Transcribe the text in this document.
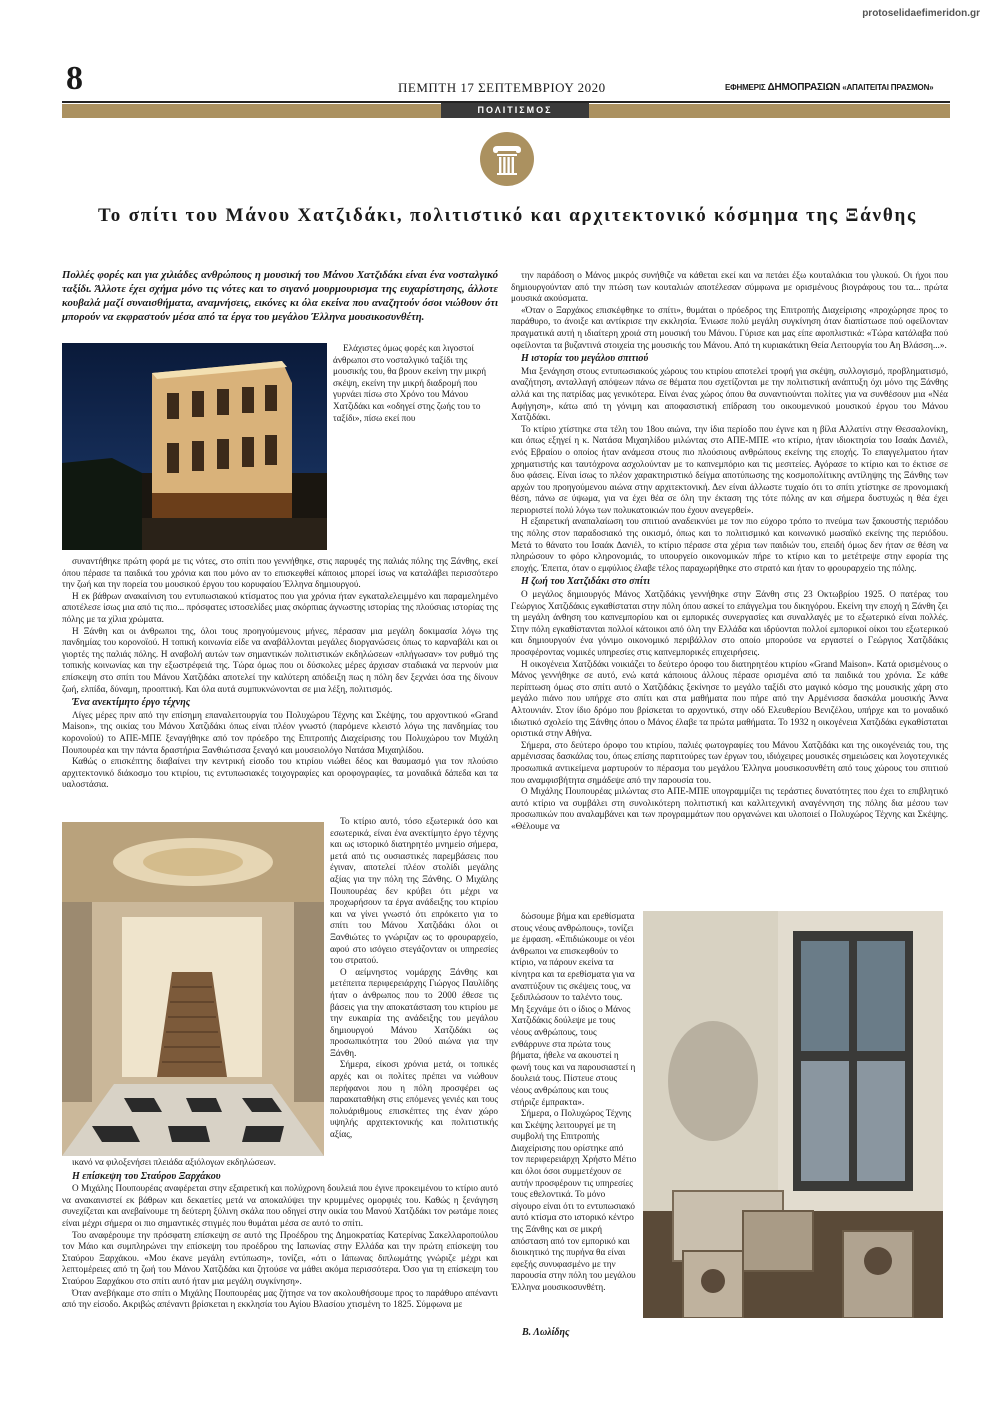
protoselidaefimeridon.gr
8	ΠΕΜΠΤΗ 17 ΣΕΠΤΕΜΒΡΙΟΥ 2020	ΕΦΗΜΕΡΙΣ ΔΗΜΟΠΡΑΣΙΩΝ «ΑΠΑΙΤΕΙΤΑΙ ΠΡΑΣΜΟΝ»
ΠΟΛΙΤΙΣΜΟΣ
Το σπίτι του Μάνου Χατζιδάκι, πολιτιστικό και αρχιτεκτονικό κόσμημα της Ξάνθης

Πολλές φορές και για χιλιάδες ανθρώπους η μουσική του Μάνου Χατζιδάκι είναι ένα νοσταλγικό ταξίδι. Άλλοτε έχει σχήμα μόνο τις νότες και το σιγανό μουρμουρισμα της ευχαρίστησης, άλλοτε κουβαλά μαζί συναισθήματα, αναμνήσεις, εικόνες κι όλα εκείνα που αναζητούν όσοι νιώθουν ότι μπορούν να εκφραστούν μέσα από τα έργα του μεγάλου Έλληνα μουσικοσυνθέτη.

Ελάχιστες όμως φορές και λιγοστοί άνθρωποι στο νοσταλγικό ταξίδι της μουσικής του, θα βρουν εκείνη την μικρή σκέψη, εκείνη την μικρή διαδρομή που γυρνάει πίσω στο Χρόνο του Μάνου Χατζιδάκι και «οδηγεί στης ζωής του το ταξίδι», πίσω εκεί που

συναντήθηκε πρώτη φορά με τις νότες, στο σπίτι που γεννήθηκε, στις παρυφές της παλιάς πόλης της Ξάνθης, εκεί όπου πέρασε τα παιδικά του χρόνια και που μόνο αν το επισκεφθεί κάποιος μπορεί ίσως να καταλάβει περισσότερο την ζωή και την πορεία του μουσικού έργου του κορυφαίου Έλληνα δημιουργού.

Η εκ βάθρων ανακαίνιση του εντυπωσιακού κτίσματος που για χρόνια ήταν εγκαταλελειμμένο και παραμελημένο αποτέλεσε ίσως μια από τις πιο... πρόσφατες ιστοσελίδες μιας σκόρπιας άγνωστης ιστορίας της πλούσιας ιστορίας της πόλης με τα χίλια χρώματα.

Η Ξάνθη και οι άνθρωποι της, όλοι τους προηγούμενους μήνες, πέρασαν μια μεγάλη δοκιμασία λόγω της πανδημίας του κορονοϊού. Η τοπική κοινωνία είδε να αναβάλλονται μεγάλες διοργανώσεις όπως το καρναβάλι και οι γιορτές της παλιάς πόλης. Η αναβολή αυτών των σημαντικών πολιτιστικών εκδηλώσεων «πλήγωσαν» τον ρυθμό της τοπικής κοινωνίας και την εξωστρέφειά της. Τώρα όμως που οι δύσκολες μέρες άρχισαν σταδιακά να περνούν μια επίσκεψη στο σπίτι του Μάνου Χατζιδάκι αποτελεί την καλύτερη απόδειξη πως η πόλη δεν ξεχνάει όσα της δίνουν ζωή, ελπίδα, δύναμη, προοπτική. Και όλα αυτά συμπυκνώνονται σε μια λέξη, πολιτισμός.

Ένα ανεκτίμητο έργο τέχνης

Λίγες μέρες πριν από την επίσημη επαναλειτουργία του Πολυχώρου Τέχνης και Σκέψης, του αρχοντικού «Grand Maison», της οικίας του Μάνου Χατζιδάκι όπως είναι πλέον γνωστό (παρόμενε κλειστό λόγω της πανδημίας του κορονοϊού) το ΑΠΕ-ΜΠΕ ξεναγήθηκε από τον πρόεδρο της Επιτροπής Διαχείρισης του Πολυχώρου τον Μιχάλη Πουπουρέα και την πάντα δραστήρια Ξανθιώτισσα ξεναγό και μουσειολόγο Νατάσα Μιχαηλίδου.

Καθώς ο επισκέπτης διαβαίνει την κεντρική είσοδο του κτιρίου νιώθει δέος και θαυμασμό για τον πλούσιο αρχιτεκτονικό διάκοσμο του κτιρίου, τις εντυπωσιακές τοιχογραφίες και οροφογραφίες, τα μοναδικά δάπεδα και τα υαλοστάσια.

Το κτίριο αυτό, τόσο εξωτερικά όσο και εσωτερικά, είναι ένα ανεκτίμητο έργο τέχνης και ως ιστορικό διατηρητέο μνημείο σήμερα, μετά από τις ουσιαστικές παρεμβάσεις που έγιναν, αποτελεί πλέον στολίδι μεγάλης αξίας για την πόλη της Ξάνθης. Ο Μιχάλης Πουπουρέας δεν κρύβει ότι μέχρι να προχωρήσουν τα έργα ανάδειξης του κτιρίου και να γίνει γνωστό ότι επρόκειτο για το σπίτι του Μάνου Χατζιδάκι όλοι οι Ξανθιώτες το γνώριζαν ως το φρουραρχείο, αφού στο ισόγειο στεγάζονταν οι υπηρεσίες του στρατού.

Ο αείμνηστος νομάρχης Ξάνθης και μετέπειτα περιφερειάρχης Γιώργος Παυλίδης ήταν ο άνθρωπος που το 2000 έθεσε τις βάσεις για την αποκατάσταση του κτιρίου με την ευκαιρία της ανάδειξης του μεγάλου δημιουργού Μάνου Χατζιδάκι ως προσωπικότητα του 20ού αιώνα για την Ξάνθη.

Σήμερα, είκοσι χρόνια μετά, οι τοπικές αρχές και οι πολίτες πρέπει να νιώθουν περήφανοι που η πόλη προσφέρει ως παρακαταθήκη στις επόμενες γενιές και τους πολυάριθμους επισκέπτες της έναν χώρο υψηλής αρχιτεκτονικής και πολιτιστικής αξίας,

ικανό να φιλοξενήσει πλειάδα αξιόλογων εκδηλώσεων.

Η επίσκεψη του Σταύρου Ξαρχάκου

Ο Μιχάλης Πουπουρέας αναφέρεται στην εξαιρετική και πολύχρονη δουλειά που έγινε προκειμένου το κτίριο αυτό να ανακαινιστεί εκ βάθρων και δεκαετίες μετά να αποκαλύψει την κρυμμένες ομορφιές του. Καθώς η ξενάγηση συνεχίζεται και ανεβαίνουμε τη δεύτερη ξύλινη σκάλα που οδηγεί στην οικία του Μανού Χατζιδάκι τον ρωτάμε ποιες είναι μέχρι σήμερα οι πιο σημαντικές στιγμές που θυμάται μέσα σε αυτό το σπίτι.

Του αναφέρουμε την πρόσφατη επίσκεψη σε αυτό της Προέδρου της Δημοκρατίας Κατερίνας Σακελλαροπούλου τον Μάιο και συμπληρώνει την επίσκεψη του προέδρου της Ιαπωνίας στην Ελλάδα και την πρώτη επίσκεψη του Σταύρου Ξαρχάκου. «Μου έκανε μεγάλη εντύπωση», τονίζει, «ότι ο Ιάπωνας διπλωμάτης γνώριζε μέχρι και λεπτομέρειες από τη ζωή του Μάνου Χατζιδάκι και ζητούσε να μάθει ακόμα περισσότερα. Όσο για τη επίσκεψη του Σταύρου Ξαρχάκου στο σπίτι αυτό ήταν μια μεγάλη συγκίνηση».

Όταν ανεβήκαμε στο σπίτι ο Μιχάλης Πουπουρέας μας ζήτησε να τον ακολουθήσουμε προς το παράθυρο απέναντι από την είσοδο. Ακριβώς απέναντι βρίσκεται η εκκλησία του Αγίου Βλασίου χτισμένη το 1825. Σύμφωνα με

την παράδοση ο Μάνος μικρός συνήθιζε να κάθεται εκεί και να πετάει έξω κουταλάκια του γλυκού. Οι ήχοι που δημιουργούνταν από την πτώση των κουταλιών αποτέλεσαν σύμφωνα με ορισμένους βιογράφους του τα... πρώτα μουσικά ακούσματα.

«Όταν ο Ξαρχάκος επισκέφθηκε το σπίτι», θυμάται ο πρόεδρος της Επιτροπής Διαχείρισης «προχώρησε προς το παράθυρο, το άνοιξε και αντίκρισε την εκκλησία. Ένιωσε πολύ μεγάλη συγκίνηση όταν διαπίστωσε πού οφείλονταν πραγματικά αυτή η ιδιαίτερη χροιά στη μουσική του Μάνου. Γύρισε και μας είπε αφοπλιστικά: «Τώρα κατάλαβα πού οφείλονται τα βυζαντινά στοιχεία της μουσικής του Μάνου. Από τη κυριακάτικη Θεία Λειτουργία του Αη Βλάσση...».

Η ιστορία του μεγάλου σπιτιού

Μια ξενάγηση στους εντυπωσιακούς χώρους του κτιρίου αποτελεί τροφή για σκέψη, συλλογισμό, προβληματισμό, αναζήτηση, ανταλλαγή απόψεων πάνω σε θέματα που σχετίζονται με την πολιτιστική ανάπτυξη όχι μόνο της Ξάνθης αλλά και της πατρίδας μας γενικότερα. Είναι ένας χώρος όπου θα συναντιούνται πολίτες για να συνθέσουν μια «Νέα Αφήγηση», κάτω από τη γόνιμη και αποφασιστική επίδραση του οικουμενικού μουσικού έργου του Μάνου Χατζιδάκι.

Το κτίριο χτίστηκε στα τέλη του 18ου αιώνα, την ίδια περίοδο που έγινε και η βίλα Αλλατίνι στην Θεσσαλονίκη, και όπως εξηγεί η κ. Νατάσα Μιχαηλίδου μιλώντας στο ΑΠΕ-ΜΠΕ «το κτίριο, ήταν ιδιοκτησία του Ισαάκ Δανιέλ, ενός Εβραίου ο οποίος ήταν ανάμεσα στους πιο πλούσιους ανθρώπους εκείνης της εποχής. Το επαγγελματου ήταν χρηματιστής και ταυτόχρονα ασχολούνταν με το καπνεμπόριο και τις μεσιτείες. Αγόρασε το κτίριο και το έκτισε σε δυο φάσεις. Είναι ίσως το πλέον χαρακτηριστικό δείγμα αποτύπωσης της κοσμοπολίτικης αντίληψης της Ξάνθης των αρχών του προηγούμενου αιώνα στην αρχιτεκτονική. Δεν είναι άλλωστε τυχαίο ότι το σπίτι χτίστηκε σε προνομιακή θέση, πάνω σε ύψωμα, για να έχει θέα σε όλη την έκταση της τότε πόλης αν και σήμερα δυστυχώς η θέα έχει περιοριστεί πολύ λόγω των πολυκατοικιών που έχουν ανεγερθεί».

Η εξαιρετική αναπαλαίωση του σπιτιού αναδεικνύει με τον πιο εύχορο τρόπο το πνεύμα των ξακουστής περιόδου της πόλης στον παραδοσιακό της οικισμό, όπως και το πολιτισμικό και κοινωνικό μωσαϊκό εκείνης της περιόδου. Μετά το θάνατο του Ισαάκ Δανιέλ, το κτίριο πέρασε στα χέρια των παιδιών του, επειδή όμως δεν ήταν σε θέση να πληρώσουν το φόρο κληρονομιάς, το υπουργείο οικονομικών πήρε το κτίριο και το μετέτρεψε στην εφορία της εποχής. Έπειτα, όταν ο εμφύλιος έλαβε τέλος παραχωρήθηκε στο στρατό και ήταν το φρουραρχείο της πόλης.

Η ζωή του Χατζιδάκι στο σπίτι

Ο μεγάλος δημιουργός Μάνος Χατζιδάκις γεννήθηκε στην Ξάνθη στις 23 Οκτωβρίου 1925. Ο πατέρας του Γεώργιος Χατζιδάκις εγκαθίσταται στην πόλη όπου ασκεί το επάγγελμα του δικηγόρου. Εκείνη την εποχή η Ξάνθη ζει τη μεγάλη άνθηση του καπνεμπορίου και οι εμπορικές συνεργασίες και συναλλαγές με το εξωτερικό είναι πολλές. Στην πόλη εγκαθίστανται πολλοί κάτοικοι από όλη την Ελλάδα και ιδρύονται πολλοί εμπορικοί οίκοι του εξωτερικού και δημιουργούν ένα γόνιμο οικονομικό περιβάλλον στο οποίο μπορούσε να εργαστεί ο Γεώργιος Χατζιδάκις προσφέροντας νομικές υπηρεσίες στις καπνεμπορικές επιχειρήσεις.

Η οικογένεια Χατζιδάκι νοικιάζει το δεύτερο όροφο του διατηρητέου κτιρίου «Grand Maison». Κατά ορισμένους ο Μάνος γεννήθηκε σε αυτό, ενώ κατά κάποιους άλλους πέρασε ορισμένα από τα παιδικά του χρόνια. Σε κάθε περίπτωση όμως στο σπίτι αυτό ο Χατζιδάκις ξεκίνησε το μεγάλο ταξίδι στο μαγικό κόσμο της μουσικής χάρη στο μεγάλο πιάνο που υπήρχε στο σπίτι και στα μαθήματα που πήρε από την Αρμένισσα δασκάλα μουσικής Άννα Αλτουνιάν. Στον ίδιο δρόμο που βρίσκεται το αρχοντικό, στην οδό Ελευθερίου Βενιζέλου, υπήρχε και το μοναδικό ιδιωτικό σχολείο της Ξάνθης όπου ο Μάνος έλαβε τα πρώτα μαθήματα. Το 1932 η οικογένεια Χατζιδάκι εγκαθίσταται οριστικά στην Αθήνα.

Σήμερα, στο δεύτερο όροφο του κτιρίου, παλιές φωτογραφίες του Μάνου Χατζιδάκι και της οικογένειάς του, της αρμένισσας δασκάλας του, όπως επίσης παρτιτούρες των έργων του, ιδιόχειρες μουσικές σημειώσεις και λογοτεχνικές προσωπικά αντικείμενα μαρτυρούν το πέρασμα του μεγάλου Έλληνα μουσικοσυνθέτη από τους χώρους του σπιτιού που αναμφισβήτητα σημάδεψε από την παρουσία του.

Ο Μιχάλης Πουπουρέας μιλώντας στο ΑΠΕ-ΜΠΕ υπογραμμίζει τις τεράστιες δυνατότητες που έχει το επιβλητικό αυτό κτίριο να συμβάλει στη συνολικότερη πολιτιστική και καλλιτεχνική αναγέννηση της πόλης δια μέσου των προσωπικών που αναλαμβάνει και των προγραμμάτων που οργανώνει και υλοποιεί ο Πολυχώρος Τέχνης και Σκέψης. «Θέλουμε να

δώσουμε βήμα και ερεθίσματα στους νέους ανθρώπους», τονίζει με έμφαση. «Επιδιώκουμε οι νέοι άνθρωποι να επισκεφθούν το κτίριο, να πάρουν εκείνα τα κίνητρα και τα ερεθίσματα για να αναπτύξουν τις σκέψεις τους, να ξεδιπλώσουν το ταλέντο τους. Μη ξεχνάμε ότι ο ίδιος ο Μάνος Χατζιδάκις δούλεψε με τους νέους ανθρώπους, τους ενθάρρυνε στα πρώτα τους βήματα, ήθελε να ακουστεί η φωνή τους και να παρουσιαστεί η δουλειά τους. Πίστευε στους νέους ανθρώπους και τους στήριζε έμπρακτα».

Σήμερα, ο Πολυχώρος Τέχνης και Σκέψης λειτουργεί με τη συμβολή της Επιτροπής Διαχείρισης που ορίστηκε από τον περιφερειάρχη Χρήστο Μέτιο και όλοι όσοι συμμετέχουν σε αυτήν προσφέρουν τις υπηρεσίες τους εθελοντικά. Το μόνο σίγουρο είναι ότι το εντυπωσιακό αυτό κτίσμα στο ιστορικό κέντρο της Ξάνθης και σε μικρή απόσταση από τον εμπορικό και διοικητικό της πυρήνα θα είναι εφεξής συνυφασμένο με την παρουσία στην πόλη του μεγάλου Έλληνα μουσικοσυνθέτη.

Β. Λωλίδης
